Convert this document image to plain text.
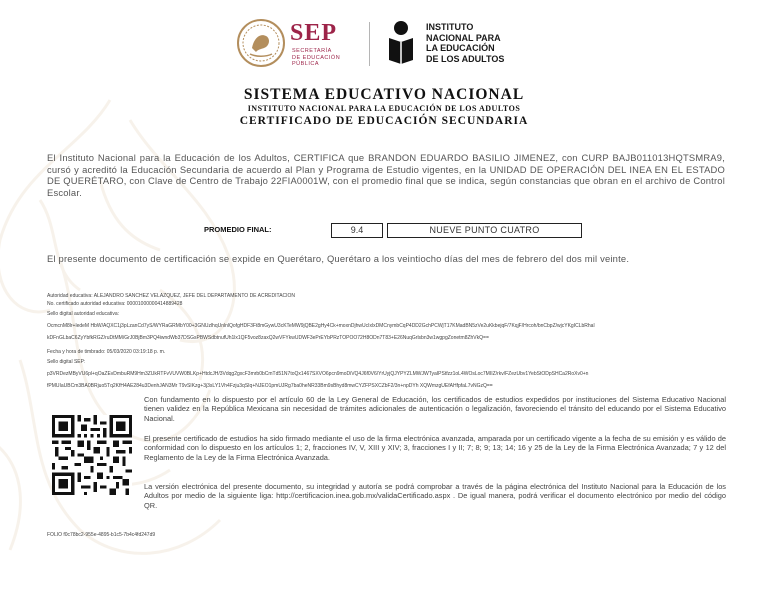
SEP
SECRETARÍA
DE EDUCACIÓN
PÚBLICA
INSTITUTO
NACIONAL PARA
LA EDUCACIÓN
DE LOS ADULTOS
SISTEMA EDUCATIVO NACIONAL
INSTITUTO NACIONAL PARA LA EDUCACIÓN DE LOS ADULTOS
CERTIFICADO DE EDUCACIÓN SECUNDARIA
El Instituto Nacional para la Educación de los Adultos, CERTIFICA que BRANDON EDUARDO BASILIO JIMENEZ, con CURP BAJB011013HQTSMRA9, cursó y acreditó la Educación Secundaria de acuerdo al Plan y Programa de Estudio vigentes, en la UNIDAD DE OPERACIÓN DEL INEA EN EL ESTADO DE QUERÉTARO, con Clave de Centro de Trabajo 22FIA0001W, con el promedio final que se indica, según constancias que obran en el archivo de Control Escolar.
PROMEDIO FINAL:	9.4	NUEVE PUNTO CUATRO
El presente documento de certificación se expide en Querétaro, Querétaro a los veintiocho días del mes de febrero del dos mil veinte.
Autoridad educativa: ALEJANDRO SANCHEZ VELAZQUEZ, JEFE DEL DEPARTAMENTO DE ACREDITACIÓN
No. certificado autoridad educativa: 00001000000414889428
Sello digital autoridad educativa:
OcmcnM8lr+ledeM HbW/AQXC1j3pLzanCd7yS/WYRaGRMbY00+3GNUzlhqUnlnlQofgHDF3Ft8mGywU3cKTeMW9jQBE2gHy4Ck+moxnDjhwUcIxlxDMCnymbCqP4DD2GchPCWjT17KMadBN5zVe2uKkbejqF/7KqjF/Hrcoh/bnCbpZ/wjcYKgICLbRhal
kDFnGLbaC6ZyYbfkRGZ/ruDtMM/GrJ0BjBm3PQ4iwndWb37DSGsPBWSdbtnufUh1lx1QF5voz8zaxQ2wVFYkwUDWF3ePrEYbPRzTOPOO72H8ODn7T83+E26NuqGrlsbn3w1wgpgZonetm8ZhVkQ==
Fecha y hora de timbrado: 05/03/2020 03:19:18 p. m.
Sello digital SEP:
p3VRDezMByVU6pl+qOaZEvDmbuRM9Hm3ZUkRTFvVUVW0BLKp+HtdcJH/3Vdqg2gxcF3mrb0bCmTd51N7toQx1467SXVO6pcn9moDiVQ4J6f0V6/YrUyjQJYPYZLMWJWTyaIPStfzz1oL4WOsLoc7MIIZ/rkv/FZezUbv1YebStODpSHCa2RoXv0+n
fPMUIaUBCm3BA0BRjuo5Tq2KfH4AE284u3DenhJAN3Mr T9vSIKzg+3j3sLY1Vh4Fzju3qSIq+NJEO1pmUJRg7ba0heNR33Bm9sBhyd8mwCYZFPSXCZbF2/3n+npDYh XQWmzgUEfAHfpfaL7vNGzQ==
Con fundamento en lo dispuesto por el artículo 60 de la Ley General de Educación, los certificados de estudios expedidos por instituciones del Sistema Educativo Nacional tienen validez en la República Mexicana sin necesidad de trámites adicionales de autenticación o legalización, favoreciendo el tránsito del educando por el Sistema Educativo Nacional.
El presente certificado de estudios ha sido firmado mediante el uso de la firma electrónica avanzada, amparada por un certificado vigente a la fecha de su emisión y es válido de conformidad con lo dispuesto en los artículos 1; 2, fracciones IV, V, XIII y XIV; 3, fracciones I y II; 7; 8; 9; 13; 14; 16 y 25 de la Ley de la Firma Electrónica Avanzada; 7 y 12 del Reglamento de la Ley de la Firma Electrónica Avanzada.
La versión electrónica del presente documento, su integridad y autoría se podrá comprobar a través de la página electrónica del Instituto Nacional para la Educación de los Adultos por medio de la siguiente liga: http://certificacion.inea.gob.mx/validaCertificado.aspx . De igual manera, podrá verificar el documento electrónico por medio del código QR.
FOLIO f0c78bc2-955e-4895-b1c5-7b4c4fd247d9
